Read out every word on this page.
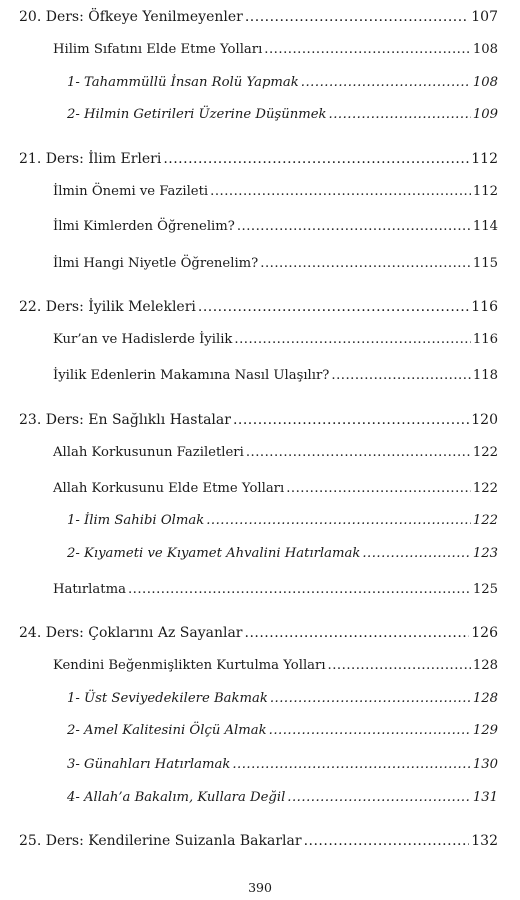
20. Ders: Öfkeye Yenilmeyenler .....	107
Hilim Sıfatını Elde Etme Yolları .....	108
1- Tahammüllü İnsan Rolü Yapmak .....	108
2- Hilmin Getirileri Üzerine Düşünmek .....	109
21. Ders: İlim Erleri .....	112
İlmin Önemi ve Fazileti .....	112
İlmi Kimlerden Öğrenelim? .....	114
İlmi Hangi Niyetle Öğrenelim? .....	115
22. Ders: İyilik Melekleri .....	116
Kur’an ve Hadislerde İyilik .....	116
İyilik Edenlerin Makamına Nasıl Ulaşılır? .....	118
23. Ders: En Sağlıklı Hastalar .....	120
Allah Korkusunun Faziletleri .....	122
Allah Korkusunu Elde Etme Yolları .....	122
1- İlim Sahibi Olmak .....	122
2- Kıyameti ve Kıyamet Ahvalini Hatırlamak .....	123
Hatırlatma .....	125
24. Ders: Çoklarını Az Sayanlar .....	126
Kendini Beğenmişlikten Kurtulma Yolları .....	128
1- Üst Seviyedekilere Bakmak .....	128
2- Amel Kalitesini Ölçü Almak .....	129
3- Günahları Hatırlamak .....	130
4- Allah’a Bakalım, Kullara Değil .....	131
25. Ders: Kendilerine Suizanla Bakarlar .....	132
390
